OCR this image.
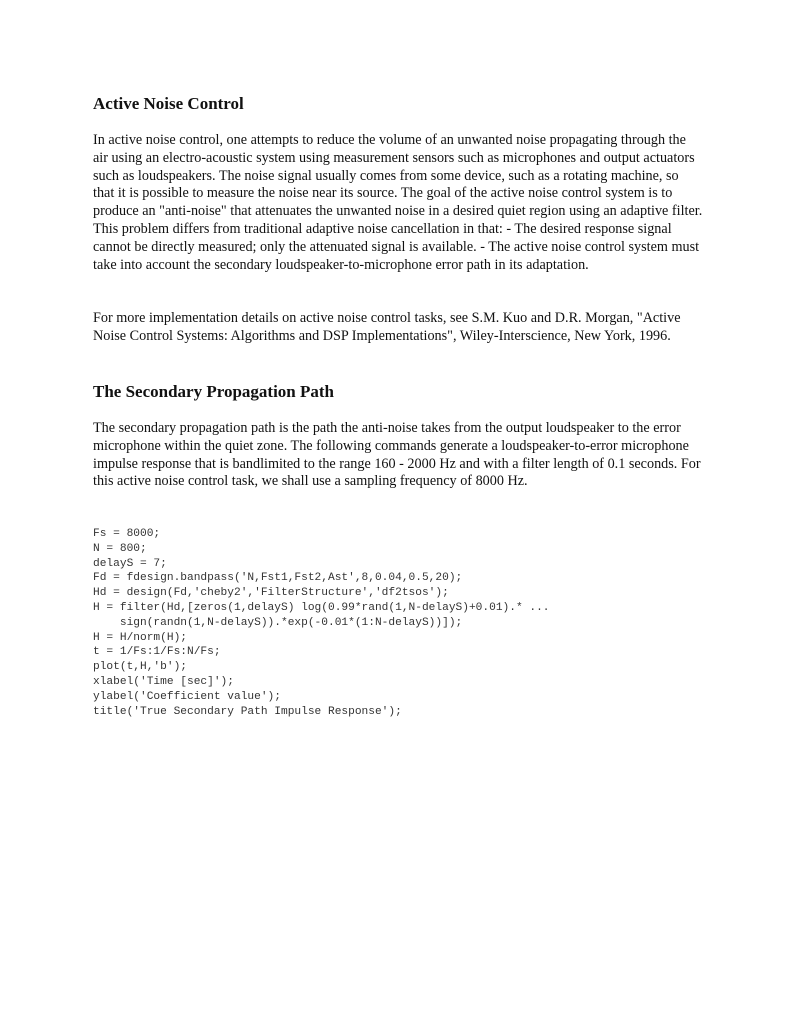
Active Noise Control

In active noise control, one attempts to reduce the volume of an unwanted noise propagating through the air using an electro-acoustic system using measurement sensors such as microphones and output actuators such as loudspeakers. The noise signal usually comes from some device, such as a rotating machine, so that it is possible to measure the noise near its source. The goal of the active noise control system is to produce an "anti-noise" that attenuates the unwanted noise in a desired quiet region using an adaptive filter. This problem differs from traditional adaptive noise cancellation in that: - The desired response signal cannot be directly measured; only the attenuated signal is available. - The active noise control system must take into account the secondary loudspeaker-to-microphone error path in its adaptation.

For more implementation details on active noise control tasks, see S.M. Kuo and D.R. Morgan, "Active Noise Control Systems: Algorithms and DSP Implementations", Wiley-Interscience, New York, 1996.

The Secondary Propagation Path

The secondary propagation path is the path the anti-noise takes from the output loudspeaker to the error microphone within the quiet zone. The following commands generate a loudspeaker-to-error microphone impulse response that is bandlimited to the range 160 - 2000 Hz and with a filter length of 0.1 seconds. For this active noise control task, we shall use a sampling frequency of 8000 Hz.

Fs = 8000;
N = 800;
delayS = 7;
Fd = fdesign.bandpass('N,Fst1,Fst2,Ast',8,0.04,0.5,20);
Hd = design(Fd,'cheby2','FilterStructure','df2tsos');
H = filter(Hd,[zeros(1,delayS) log(0.99*rand(1,N-delayS)+0.01).* ...
sign(randn(1,N-delayS)).*exp(-0.01*(1:N-delayS))]);
H = H/norm(H);
t = 1/Fs:1/Fs:N/Fs;
plot(t,H,'b');
xlabel('Time [sec]');
ylabel('Coefficient value');
title('True Secondary Path Impulse Response');
